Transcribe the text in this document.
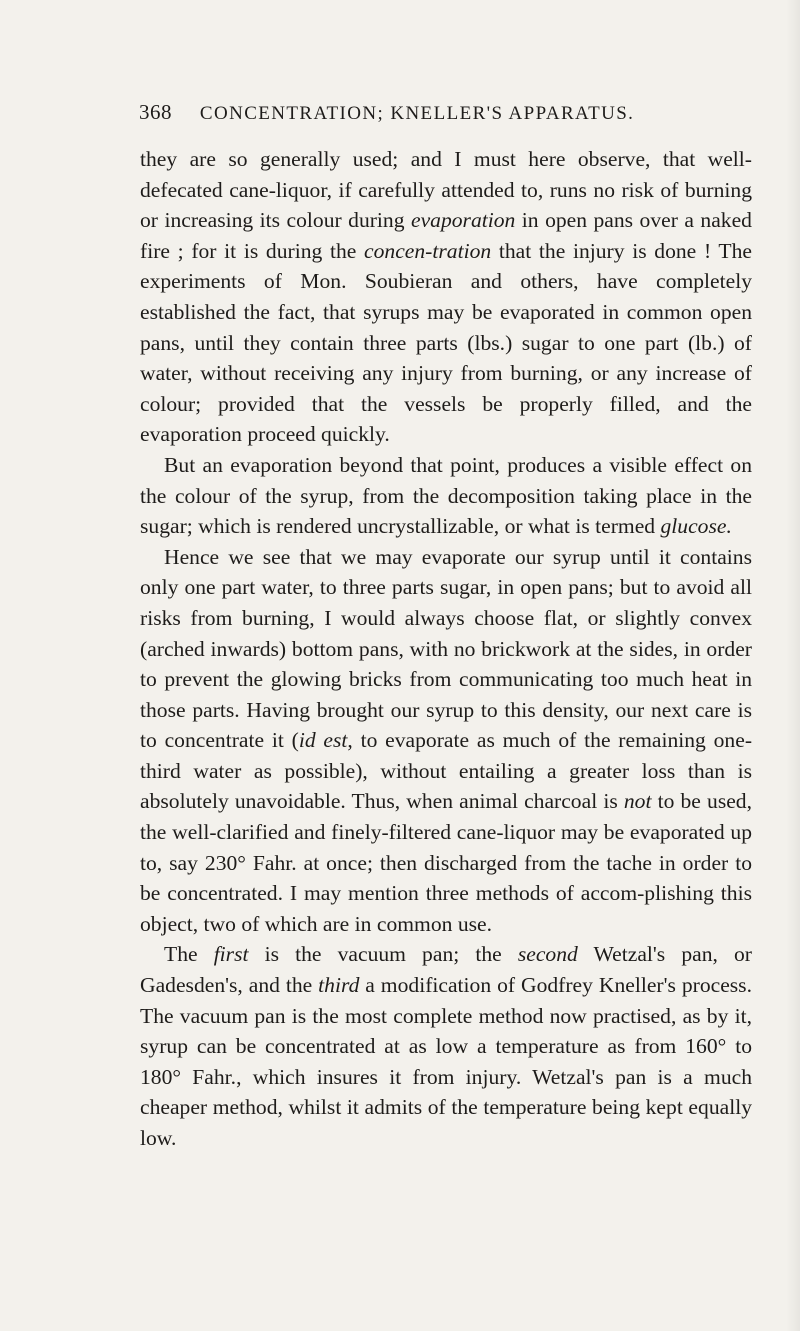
368 CONCENTRATION; KNELLER'S APPARATUS.

they are so generally used; and I must here observe, that well-defecated cane-liquor, if carefully attended to, runs no risk of burning or increasing its colour during evaporation in open pans over a naked fire ; for it is during the concen-tration that the injury is done ! The experiments of Mon. Soubieran and others, have completely established the fact, that syrups may be evaporated in common open pans, until they contain three parts (lbs.) sugar to one part (lb.) of water, without receiving any injury from burning, or any increase of colour; provided that the vessels be properly filled, and the evaporation proceed quickly.

But an evaporation beyond that point, produces a visible effect on the colour of the syrup, from the decomposition taking place in the sugar; which is rendered uncrystallizable, or what is termed glucose.

Hence we see that we may evaporate our syrup until it contains only one part water, to three parts sugar, in open pans; but to avoid all risks from burning, I would always choose flat, or slightly convex (arched inwards) bottom pans, with no brickwork at the sides, in order to prevent the glowing bricks from communicating too much heat in those parts. Having brought our syrup to this density, our next care is to concentrate it (id est, to evaporate as much of the remaining one-third water as possible), without entailing a greater loss than is absolutely unavoidable. Thus, when animal charcoal is not to be used, the well-clarified and finely-filtered cane-liquor may be evaporated up to, say 230° Fahr. at once; then discharged from the tache in order to be concentrated. I may mention three methods of accom-plishing this object, two of which are in common use.

The first is the vacuum pan; the second Wetzal's pan, or Gadesden's, and the third a modification of Godfrey Kneller's process. The vacuum pan is the most complete method now practised, as by it, syrup can be concentrated at as low a temperature as from 160° to 180° Fahr., which insures it from injury. Wetzal's pan is a much cheaper method, whilst it admits of the temperature being kept equally low.
